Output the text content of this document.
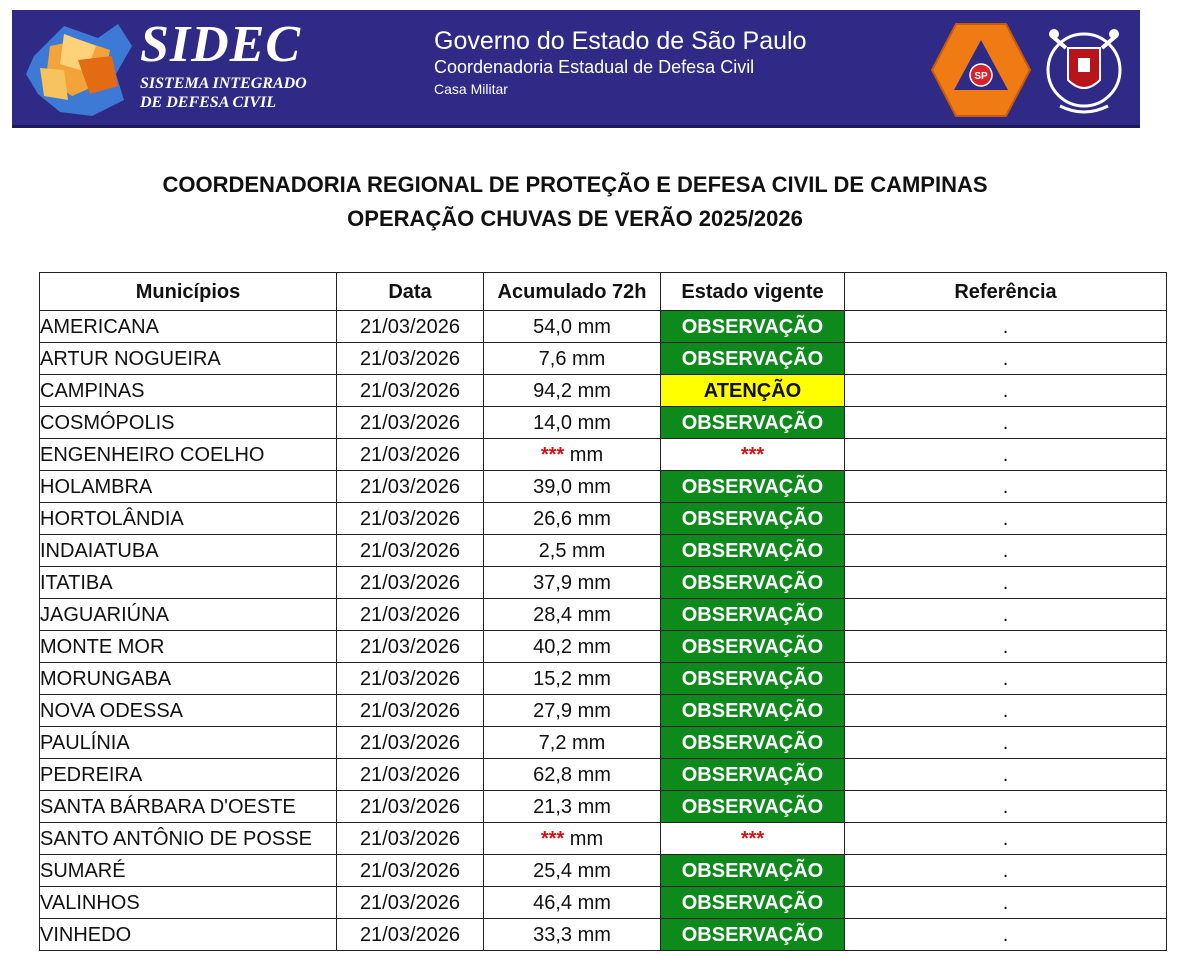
SIDEC
SISTEMA INTEGRADO
DE DEFESA CIVIL
Governo do Estado de São Paulo
Coordenadoria Estadual de Defesa Civil
Casa Militar
SP
COORDENADORIA REGIONAL DE PROTEÇÃO E DEFESA CIVIL DE CAMPINAS
OPERAÇÃO CHUVAS DE VERÃO 2025/2026
Municípios	Data	Acumulado 72h	Estado vigente	Referência
AMERICANA	21/03/2026	54,0 mm	OBSERVAÇÃO	.
ARTUR NOGUEIRA	21/03/2026	7,6 mm	OBSERVAÇÃO	.
CAMPINAS	21/03/2026	94,2 mm	ATENÇÃO	.
COSMÓPOLIS	21/03/2026	14,0 mm	OBSERVAÇÃO	.
ENGENHEIRO COELHO	21/03/2026	*** mm	***	.
HOLAMBRA	21/03/2026	39,0 mm	OBSERVAÇÃO	.
HORTOLÂNDIA	21/03/2026	26,6 mm	OBSERVAÇÃO	.
INDAIATUBA	21/03/2026	2,5 mm	OBSERVAÇÃO	.
ITATIBA	21/03/2026	37,9 mm	OBSERVAÇÃO	.
JAGUARIÚNA	21/03/2026	28,4 mm	OBSERVAÇÃO	.
MONTE MOR	21/03/2026	40,2 mm	OBSERVAÇÃO	.
MORUNGABA	21/03/2026	15,2 mm	OBSERVAÇÃO	.
NOVA ODESSA	21/03/2026	27,9 mm	OBSERVAÇÃO	.
PAULÍNIA	21/03/2026	7,2 mm	OBSERVAÇÃO	.
PEDREIRA	21/03/2026	62,8 mm	OBSERVAÇÃO	.
SANTA BÁRBARA D'OESTE	21/03/2026	21,3 mm	OBSERVAÇÃO	.
SANTO ANTÔNIO DE POSSE	21/03/2026	*** mm	***	.
SUMARÉ	21/03/2026	25,4 mm	OBSERVAÇÃO	.
VALINHOS	21/03/2026	46,4 mm	OBSERVAÇÃO	.
VINHEDO	21/03/2026	33,3 mm	OBSERVAÇÃO	.
